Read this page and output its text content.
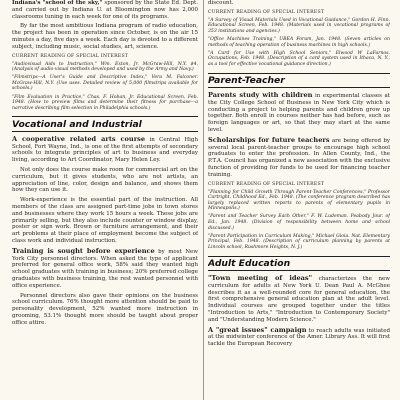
Indiana's "school of the sky," sponsored by the State Ed. Dept. and carried out by Indiana U. at Bloomington now has 2,000 classrooms tuning in each week for one of its programs.

By far the most ambitious Indiana program of radio education, the project has been in operation since October, is on the air 15 minutes a day, five days a week. Each day is devoted to a different subject, including music, social studies, art, science.

CURRENT READING OF SPECIAL INTEREST
"Audiovisual Aids to Instruction," Wm. Exton, Jr. McGraw-Hill, N.Y. $4. (Analysis of audio-visual methods developed and used by the Army and Navy.)
"Filmstrips—A User's Guide and Descriptive Index," Vera M. Falconer. McGraw-Hill, N.Y. (Use uses. Detailed review of 5,000 filmstrips available for schools.)
"Film Evaluation in Practice," Chas. F. Hoban, Jr. Educational Screen, Feb. 1948. (How to preview films and determine their fitness for purchase—a narrative describing film selection in Philadelphia schools.)
Vocational and Industrial

A cooperative related arts course in Central High School, Fort Wayne, Ind., is one of the first attempts of secondary schools to integrate principles of art to business and everyday living, according to Art Coordinator, Mary Helen Ley.

Not only does the course make room for commercial art on the curriculum, but it gives students, who are not artists, an appreciation of line, color, design and balance, and shows them how they can use it.

Work-experience is the essential part of the instruction. All members of the class are assigned part-time jobs in town stores and businesses where they work 15 hours a week. These jobs are primarily selling, but they also include counter or window display, poster or sign work. Brown or furniture arrangement, and their art problems at their place of employment become the subject of class work and individual instruction.

Training is sought before experience by most New York City personnel directors. When asked the type of applicant preferred for general office work, 58% said they wanted high school graduates with training in business; 20% preferred college graduates with business training, the rest wanted personnel with office experience.

Personnel directors also gave their opinions on the business school curriculum. 76% thought more attention should be paid to personality development, 52% wanted more instruction in grooming, 53.1% thought more should be taught about proper office attire.

discount.

CURRENT READING OF SPECIAL INTEREST
"A Survey of Visual Materials Used in Vocational Guidance," Gordon H. Finn. Educational Screen, Feb. 1948. (Materials used in vocational programs of 353 institutions and agencies.)
"Office Machines Training," UBEA Forum, Jan. 1948. (Seven articles on methods of teaching operation of business machines in high schools.)
"A Card for Use with High School Seniors," Elwood W LaFarnos. Occupations, Feb. 1948. (Description of a card system used in Ithaca, N. Y., as a tool for effective vocational guidance direction.)
Parent-Teacher

Parents study with children in experimental classes at the City College School of Business in New York City which is conducting a project to helping parents and children grow up together. Both enroll in courses neither has had before, such as foreign languages or art, so that they may start at the same level.

Scholarships for future teachers are being offered by several local parent-teacher groups to encourage high school graduates to enter the profession. In Allen County, Ind., the P.T.A. Council has organized a new association with the exclusive function of providing for funds to be used for financing teacher training.

CURRENT READING OF SPECIAL INTEREST
"Planning for Child Growth Through Parent-Teacher Conferences," Professor Cartright. Childhood Ed., Feb. 1948. (The conference program described has largely replaced written reports to parents of elementary pupils in Minneapolis.)
"Parent and Teacher Survey Each Other," F. W. Ludeman. Peabody Jour. of Ed., Jan. 1948. (Division of responsibility between home and school discussed.)
"Parent Participation in Curriculum Making," Michael Gioia. Nat. Elementary Principal, Feb. 1948. (Description of curriculum planning by parents at Lincoln school, Rushmore Heights, N. J.)
Adult Education

"Town meeting of ideas" characterizes the new curriculum for adults at New York U. Dean Paul A. McGhee describes it as a well-rounded core for general education, the first comprehensive general education plan at the adult level. Individual courses are grouped together under the titles "Introduction to Arts," "Introduction to Contemporary Society" and "Understanding Modern Science."

A "great issues" campaign to reach adults was initiated at the midwinter conference of the Amer. Library Ass. It will first tackle the European Recovery
